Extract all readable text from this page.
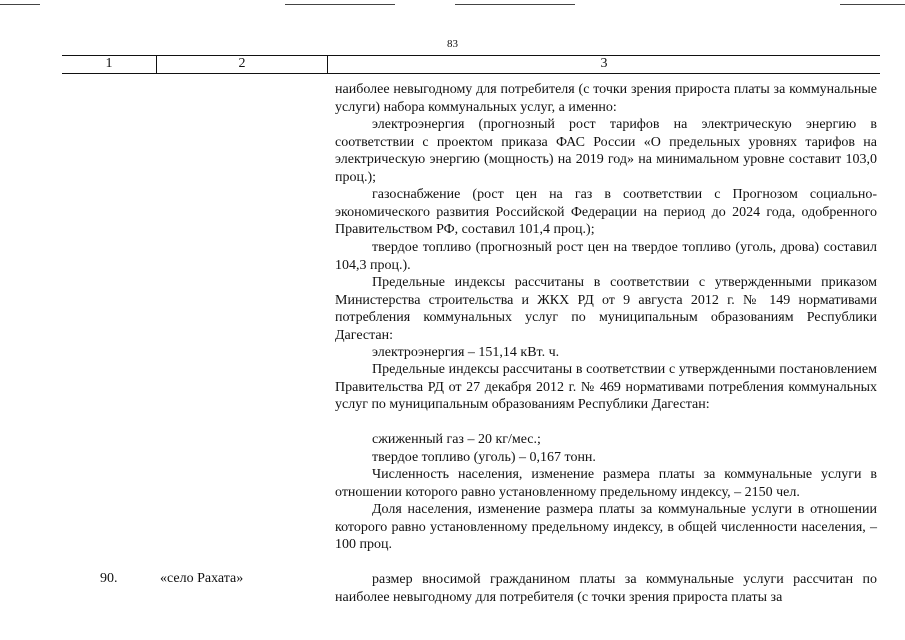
83
1	2	3

наиболее невыгодному для потребителя (с точки зрения прироста платы за коммунальные услуги) набора коммунальных услуг, а именно:

электроэнергия (прогнозный рост тарифов на электрическую энергию в соответствии с проектом приказа ФАС России «О предельных уровнях тарифов на электрическую энергию (мощность) на 2019 год» на минимальном уровне составит 103,0 проц.);

газоснабжение (рост цен на газ в соответствии с Прогнозом социально-экономического развития Российской Федерации на период до 2024 года, одобренного Правительством РФ, составил 101,4 проц.);

твердое топливо (прогнозный рост цен на твердое топливо (уголь, дрова) составил 104,3 проц.).

Предельные индексы рассчитаны в соответствии с утвержденными приказом Министерства строительства и ЖКХ РД от 9 августа 2012 г. № 149 нормативами потребления коммунальных услуг по муниципальным образованиям Республики Дагестан:

электроэнергия – 151,14 кВт. ч.

Предельные индексы рассчитаны в соответствии с утвержденными постановлением Правительства РД от 27 декабря 2012 г. № 469 нормативами потребления коммунальных услуг по муниципальным образованиям Республики Дагестан:

сжиженный газ – 20 кг/мес.;

твердое топливо (уголь) – 0,167 тонн.

Численность населения, изменение размера платы за коммунальные услуги в отношении которого равно установленному предельному индексу, – 2150 чел.

Доля населения, изменение размера платы за коммунальные услуги в отношении которого равно установленному предельному индексу, в общей численности населения, – 100 проц.

90.	«село Рахата»	размер вносимой гражданином платы за коммунальные услуги рассчитан по наиболее невыгодному для потребителя (с точки зрения прироста платы за
